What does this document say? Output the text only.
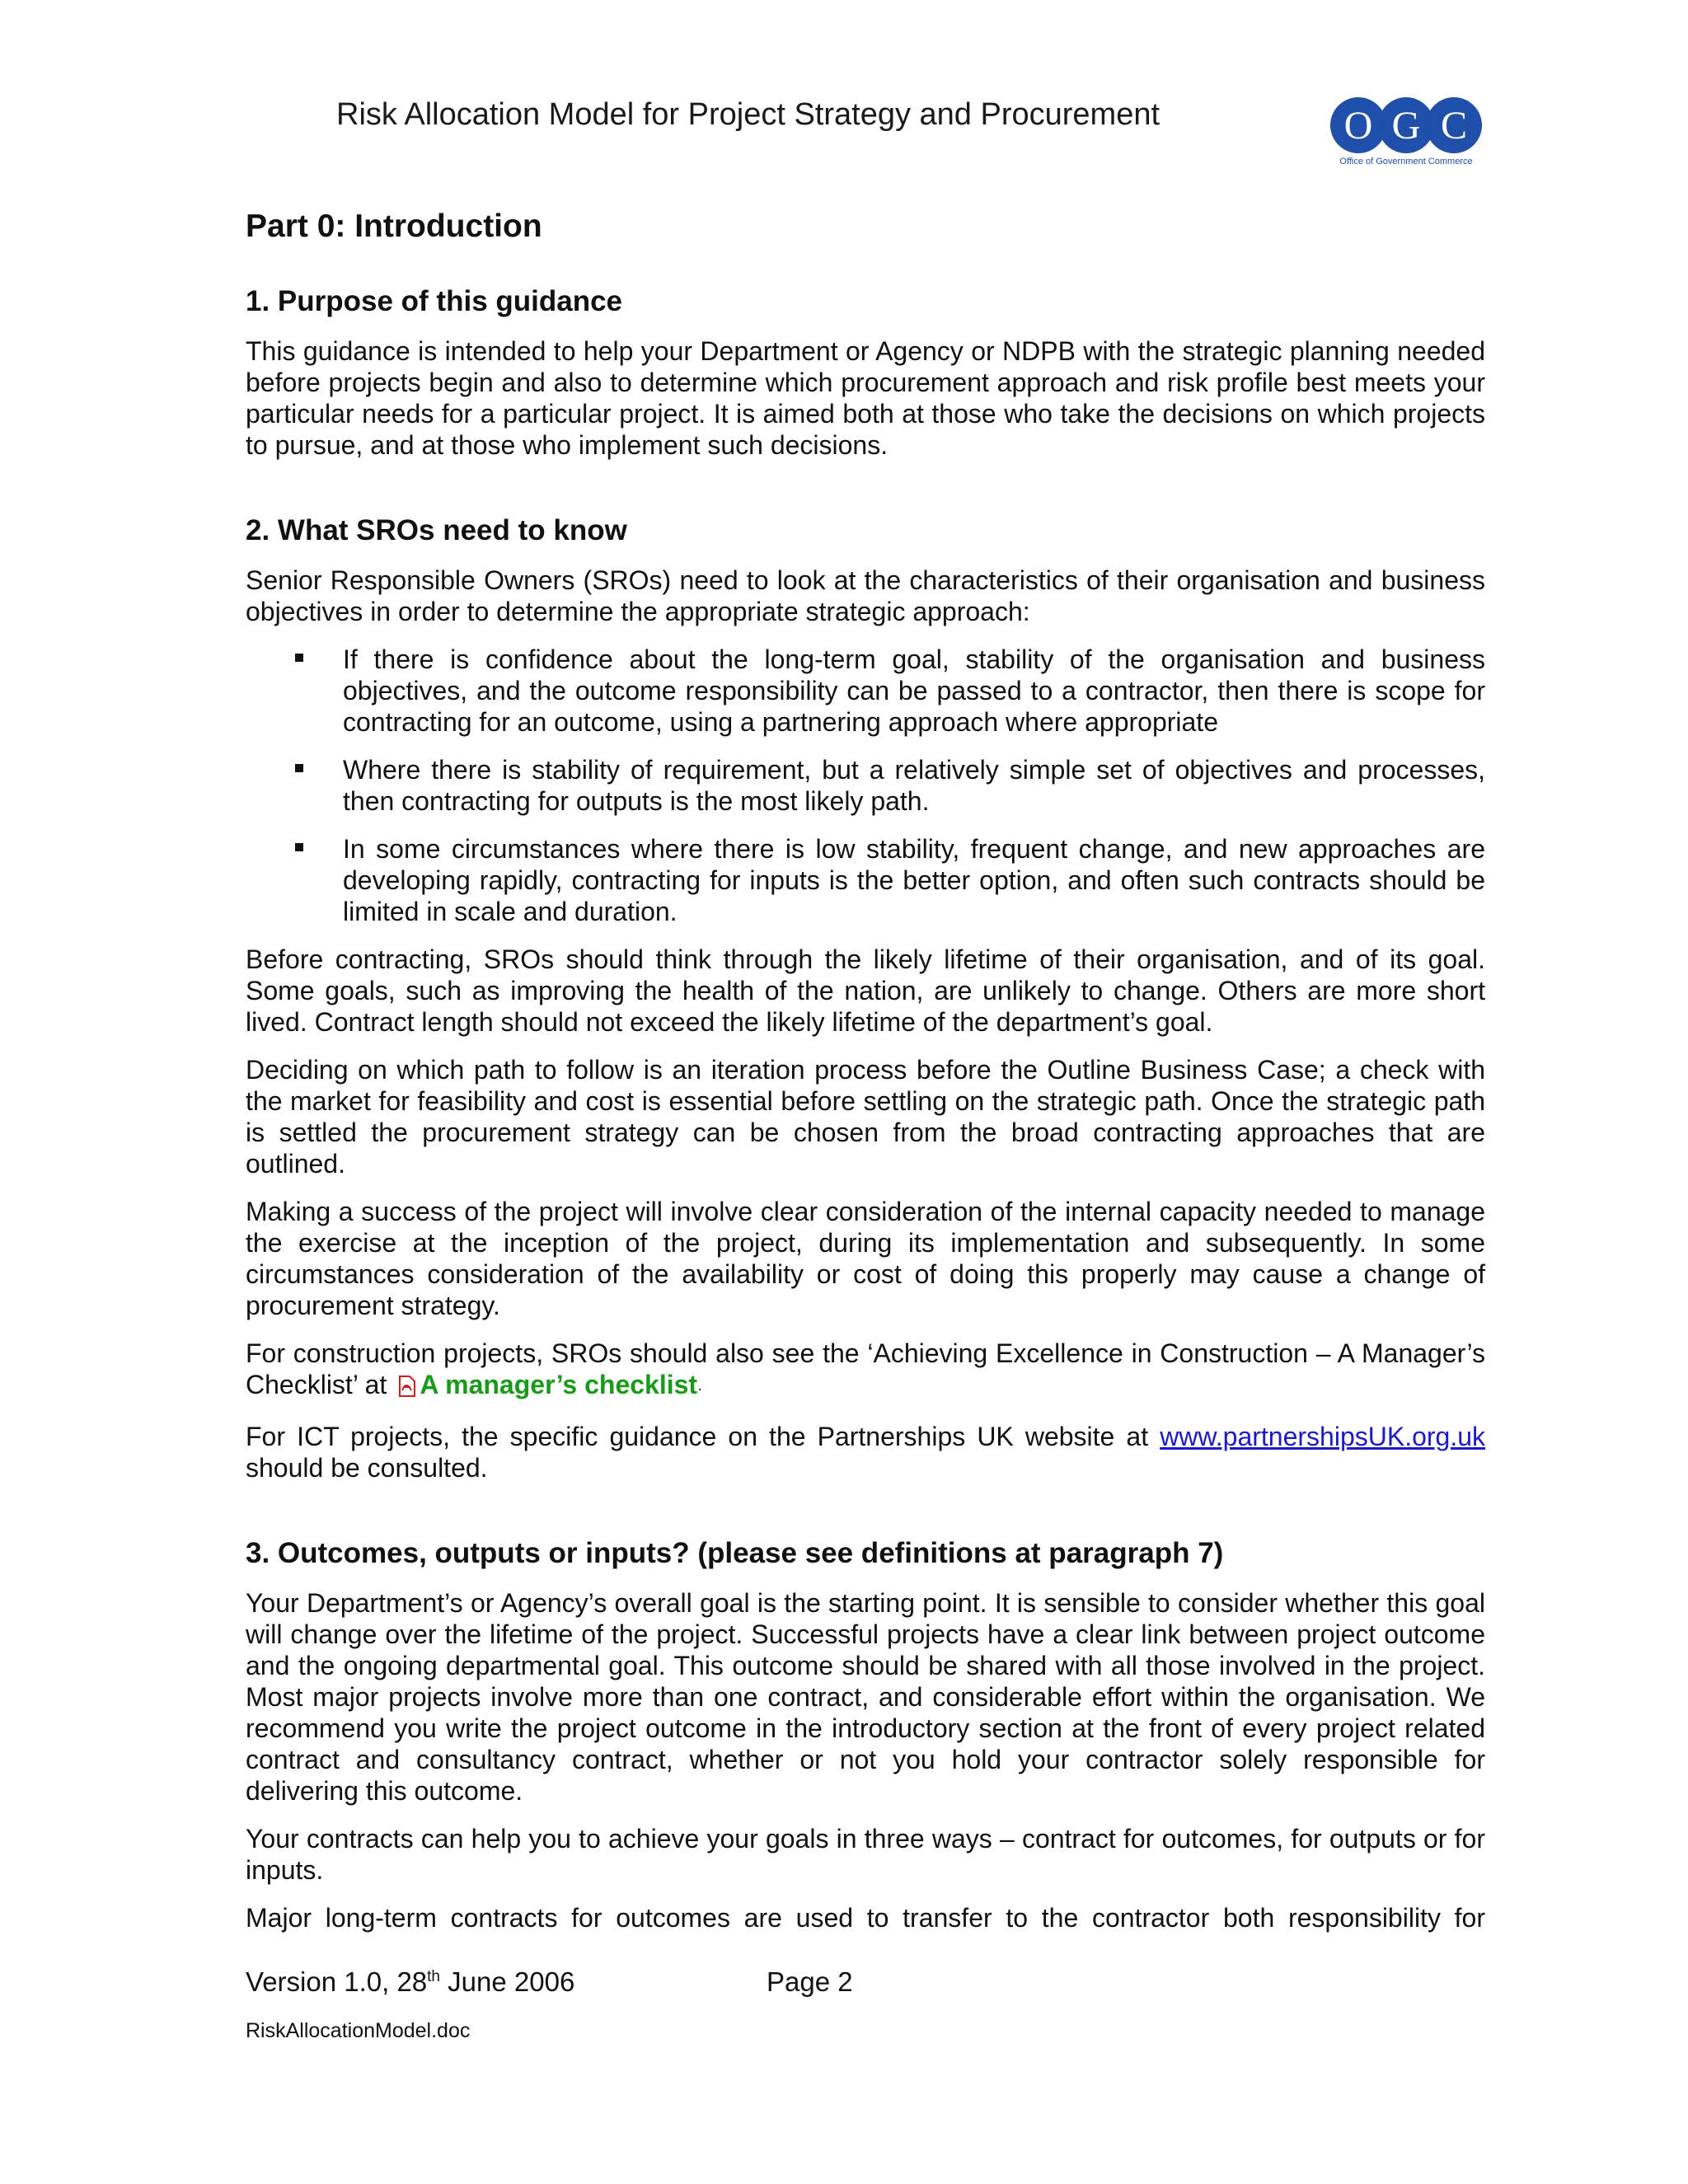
Risk Allocation Model for Project Strategy and Procurement	O G C
Office of Government Commerce
Part 0: Introduction
1. Purpose of this guidance

This guidance is intended to help your Department or Agency or NDPB with the strategic planning needed before projects begin and also to determine which procurement approach and risk profile best meets your particular needs for a particular project. It is aimed both at those who take the decisions on which projects to pursue, and at those who implement such decisions.

2. What SROs need to know

Senior Responsible Owners (SROs) need to look at the characteristics of their organisation and business objectives in order to determine the appropriate strategic approach:

If there is confidence about the long-term goal, stability of the organisation and business objectives, and the outcome responsibility can be passed to a contractor, then there is scope for contracting for an outcome, using a partnering approach where appropriate
Where there is stability of requirement, but a relatively simple set of objectives and processes, then contracting for outputs is the most likely path.
In some circumstances where there is low stability, frequent change, and new approaches are developing rapidly, contracting for inputs is the better option, and often such contracts should be limited in scale and duration.

Before contracting, SROs should think through the likely lifetime of their organisation, and of its goal. Some goals, such as improving the health of the nation, are unlikely to change. Others are more short lived. Contract length should not exceed the likely lifetime of the department’s goal.

Deciding on which path to follow is an iteration process before the Outline Business Case; a check with the market for feasibility and cost is essential before settling on the strategic path. Once the strategic path is settled the procurement strategy can be chosen from the broad contracting approaches that are outlined.

Making a success of the project will involve clear consideration of the internal capacity needed to manage the exercise at the inception of the project, during its implementation and subsequently. In some circumstances consideration of the availability or cost of doing this properly may cause a change of procurement strategy.

For construction projects, SROs should also see the ‘Achieving Excellence in Construction – A Manager’s Checklist’ at A manager’s checklist·

For ICT projects, the specific guidance on the Partnerships UK website at www.partnershipsUK.org.uk should be consulted.

3. Outcomes, outputs or inputs? (please see definitions at paragraph 7)

Your Department’s or Agency’s overall goal is the starting point. It is sensible to consider whether this goal will change over the lifetime of the project. Successful projects have a clear link between project outcome and the ongoing departmental goal. This outcome should be shared with all those involved in the project. Most major projects involve more than one contract, and considerable effort within the organisation. We recommend you write the project outcome in the introductory section at the front of every project related contract and consultancy contract, whether or not you hold your contractor solely responsible for delivering this outcome.

Your contracts can help you to achieve your goals in three ways – contract for outcomes, for outputs or for inputs.

Major long-term contracts for outcomes are used to transfer to the contractor both responsibility for

Version 1.0, 28th June 2006	Page 2
RiskAllocationModel.doc
